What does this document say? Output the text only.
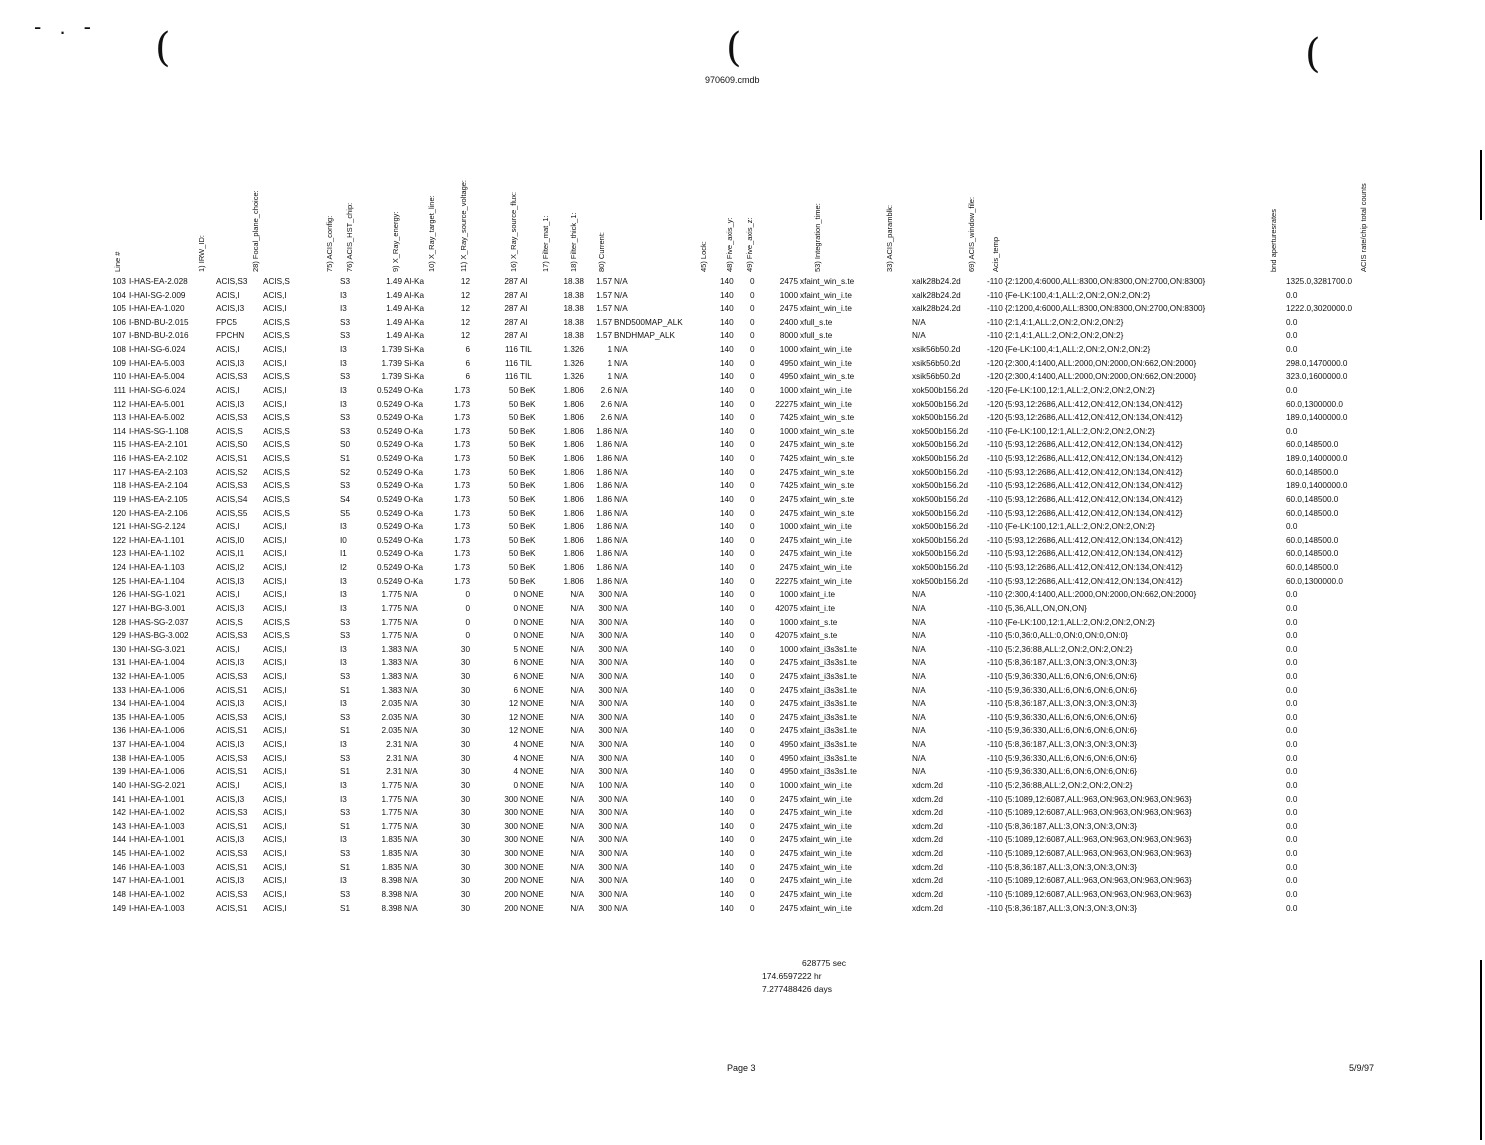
- . - (	(	(
970609.cmdb
Line #	1) IRW_ID:	28) Focal_plane_choice:	75) ACIS_config: 76) ACIS_HST_chip:	9) X_Ray_energy:	10) X_Ray_target_line:	11) X_Ray_source_voltage:	16) X_Ray_source_flux:	17) Filter_mat_1:	18) Filter_thick_1:	80) Current:	45) Lock: 48) Five_axis_y: 49) Five_axis_z:	53) Integration_time:	33) ACIS_paramblk:	69) ACIS_window_file: Acis_temp	bnd aperturesrates	ACIS rate/chip total counts
103 I-HAS-EA-2.028	ACIS,S3 ACIS,S	S3	1.49 Al-Ka	12	287 Al	18.38	1.57 N/A	140 0	2475 xfaint_win_s.te	xalk28b24.2d	-110 {2:1200,4:6000,ALL:8300,ON:8300,ON:2700,ON:8300}	1325.0,3281700.0
104 I-HAI-SG-2.009	ACIS,I	ACIS,I	I3	1.49 Al-Ka	12	287 Al	18.38	1.57 N/A	140 0	1000 xfaint_win_i.te	xalk28b24.2d	-110 {Fe-LK:100,4:1,ALL:2,ON:2,ON:2,ON:2}	0.0
105 I-HAI-EA-1.020	ACIS,I3 ACIS,I	I3	1.49 Al-Ka	12	287 Al	18.38	1.57 N/A	140 0	2475 xfaint_win_i.te	xalk28b24.2d	-110 {2:1200,4:6000,ALL:8300,ON:8300,ON:2700,ON:8300}	1222.0,3020000.0
106 I-BND-BU-2.015	FPC5	ACIS,S	S3	1.49 Al-Ka	12	287 Al	18.38	1.57 BND500MAP_ALK	140 0	2400 xfull_s.te	N/A	-110 {2:1,4:1,ALL:2,ON:2,ON:2,ON:2}	0.0
107 I-BND-BU-2.016	FPCHN ACIS,S	S3	1.49 Al-Ka	12	287 Al	18.38	1.57 BNDHMAP_ALK	140 0	8000 xfull_s.te	N/A	-110 {2:1,4:1,ALL:2,ON:2,ON:2,ON:2}	0.0
108 I-HAI-SG-6.024	ACIS,I	ACIS,I	I3	1.739 Si-Ka	6	116 TIL	1.326	1 N/A	140 0	1000 xfaint_win_i.te	xsik56b50.2d	-120 {Fe-LK:100,4:1,ALL:2,ON:2,ON:2,ON:2}	0.0
109 I-HAI-EA-5.003	ACIS,I3 ACIS,I	I3	1.739 Si-Ka	6	116 TIL	1.326	1 N/A	140 0	4950 xfaint_win_i.te	xsik56b50.2d	-120 {2:300,4:1400,ALL:2000,ON:2000,ON:662,ON:2000}	298.0,1470000.0
110 I-HAI-EA-5.004	ACIS,S3 ACIS,S	S3	1.739 Si-Ka	6	116 TIL	1.326	1 N/A	140 0	4950 xfaint_win_s.te	xsik56b50.2d	-120 {2:300,4:1400,ALL:2000,ON:2000,ON:662,ON:2000}	323.0,1600000.0
111 I-HAI-SG-6.024	ACIS,I	ACIS,I	I3	0.5249 O-Ka	1.73	50 BeK	1.806	2.6 N/A	140 0	1000 xfaint_win_i.te	xok500b156.2d -120 {Fe-LK:100,12:1,ALL:2,ON:2,ON:2,ON:2}	0.0
112 I-HAI-EA-5.001	ACIS,I3 ACIS,I	I3	0.5249 O-Ka	1.73	50 BeK	1.806	2.6 N/A	140 0	22275 xfaint_win_i.te	xok500b156.2d -120 {5:93,12:2686,ALL:412,ON:412,ON:134,ON:412}	60.0,1300000.0
113 I-HAI-EA-5.002	ACIS,S3 ACIS,S	S3	0.5249 O-Ka	1.73	50 BeK	1.806	2.6 N/A	140 0	7425 xfaint_win_s.te	xok500b156.2d -120 {5:93,12:2686,ALL:412,ON:412,ON:134,ON:412}	189.0,1400000.0
114 I-HAS-SG-1.108	ACIS,S ACIS,S	S3	0.5249 O-Ka	1.73	50 BeK	1.806	1.86 N/A	140 0	1000 xfaint_win_s.te	xok500b156.2d -110 {Fe-LK:100,12:1,ALL:2,ON:2,ON:2,ON:2}	0.0
115 I-HAS-EA-2.101	ACIS,S0 ACIS,S	S0	0.5249 O-Ka	1.73	50 BeK	1.806	1.86 N/A	140 0	2475 xfaint_win_s.te	xok500b156.2d -110 {5:93,12:2686,ALL:412,ON:412,ON:134,ON:412}	60.0,148500.0
116 I-HAS-EA-2.102	ACIS,S1 ACIS,S	S1	0.5249 O-Ka	1.73	50 BeK	1.806	1.86 N/A	140 0	7425 xfaint_win_s.te	xok500b156.2d -110 {5:93,12:2686,ALL:412,ON:412,ON:134,ON:412}	189.0,1400000.0
117 I-HAS-EA-2.103	ACIS,S2 ACIS,S	S2	0.5249 O-Ka	1.73	50 BeK	1.806	1.86 N/A	140 0	2475 xfaint_win_s.te	xok500b156.2d -110 {5:93,12:2686,ALL:412,ON:412,ON:134,ON:412}	60.0,148500.0
118 I-HAS-EA-2.104	ACIS,S3 ACIS,S	S3	0.5249 O-Ka	1.73	50 BeK	1.806	1.86 N/A	140 0	7425 xfaint_win_s.te	xok500b156.2d -110 {5:93,12:2686,ALL:412,ON:412,ON:134,ON:412}	189.0,1400000.0
119 I-HAS-EA-2.105	ACIS,S4 ACIS,S	S4	0.5249 O-Ka	1.73	50 BeK	1.806	1.86 N/A	140 0	2475 xfaint_win_s.te	xok500b156.2d -110 {5:93,12:2686,ALL:412,ON:412,ON:134,ON:412}	60.0,148500.0
120 I-HAS-EA-2.106	ACIS,S5 ACIS,S	S5	0.5249 O-Ka	1.73	50 BeK	1.806	1.86 N/A	140 0	2475 xfaint_win_s.te	xok500b156.2d -110 {5:93,12:2686,ALL:412,ON:412,ON:134,ON:412}	60.0,148500.0
121 I-HAI-SG-2.124	ACIS,I	ACIS,I	I3	0.5249 O-Ka	1.73	50 BeK	1.806	1.86 N/A	140 0	1000 xfaint_win_i.te	xok500b156.2d -110 {Fe-LK:100,12:1,ALL:2,ON:2,ON:2,ON:2}	0.0
122 I-HAI-EA-1.101	ACIS,I0 ACIS,I	I0	0.5249 O-Ka	1.73	50 BeK	1.806	1.86 N/A	140 0	2475 xfaint_win_i.te	xok500b156.2d -110 {5:93,12:2686,ALL:412,ON:412,ON:134,ON:412}	60.0,148500.0
123 I-HAI-EA-1.102	ACIS,I1 ACIS,I	I1	0.5249 O-Ka	1.73	50 BeK	1.806	1.86 N/A	140 0	2475 xfaint_win_i.te	xok500b156.2d -110 {5:93,12:2686,ALL:412,ON:412,ON:134,ON:412}	60.0,148500.0
124 I-HAI-EA-1.103	ACIS,I2 ACIS,I	I2	0.5249 O-Ka	1.73	50 BeK	1.806	1.86 N/A	140 0	2475 xfaint_win_i.te	xok500b156.2d -110 {5:93,12:2686,ALL:412,ON:412,ON:134,ON:412}	60.0,148500.0
125 I-HAI-EA-1.104	ACIS,I3 ACIS,I	I3	0.5249 O-Ka	1.73	50 BeK	1.806	1.86 N/A	140 0	22275 xfaint_win_i.te	xok500b156.2d -110 {5:93,12:2686,ALL:412,ON:412,ON:134,ON:412}	60.0,1300000.0
126 I-HAI-SG-1.021	ACIS,I	ACIS,I	I3	1.775 N/A	0	0 NONE	N/A	300 N/A	140 0	1000 xfaint_i.te	N/A	-110 {2:300,4:1400,ALL:2000,ON:2000,ON:662,ON:2000}	0.0
127 I-HAI-BG-3.001	ACIS,I3 ACIS,I	I3	1.775 N/A	0	0 NONE	N/A	300 N/A	140 0	42075 xfaint_i.te	N/A	-110 {5,36,ALL,ON,ON,ON}	0.0
128 I-HAS-SG-2.037	ACIS,S ACIS,S	S3	1.775 N/A	0	0 NONE	N/A	300 N/A	140 0	1000 xfaint_s.te	N/A	-110 {Fe-LK:100,12:1,ALL:2,ON:2,ON:2,ON:2}	0.0
129 I-HAS-BG-3.002	ACIS,S3 ACIS,S	S3	1.775 N/A	0	0 NONE	N/A	300 N/A	140 0	42075 xfaint_s.te	N/A	-110 {5:0,36:0,ALL:0,ON:0,ON:0,ON:0}	0.0
130 I-HAI-SG-3.021	ACIS,I	ACIS,I	I3	1.383 N/A	30	5 NONE	N/A	300 N/A	140 0	1000 xfaint_i3s3s1.te	N/A	-110 {5:2,36:88,ALL:2,ON:2,ON:2,ON:2}	0.0
131 I-HAI-EA-1.004	ACIS,I3 ACIS,I	I3	1.383 N/A	30	6 NONE	N/A	300 N/A	140 0	2475 xfaint_i3s3s1.te	N/A	-110 {5:8,36:187,ALL:3,ON:3,ON:3,ON:3}	0.0
132 I-HAI-EA-1.005	ACIS,S3 ACIS,I	S3	1.383 N/A	30	6 NONE	N/A	300 N/A	140 0	2475 xfaint_i3s3s1.te	N/A	-110 {5:9,36:330,ALL:6,ON:6,ON:6,ON:6}	0.0
133 I-HAI-EA-1.006	ACIS,S1 ACIS,I	S1	1.383 N/A	30	6 NONE	N/A	300 N/A	140 0	2475 xfaint_i3s3s1.te	N/A	-110 {5:9,36:330,ALL:6,ON:6,ON:6,ON:6}	0.0
134 I-HAI-EA-1.004	ACIS,I3 ACIS,I	I3	2.035 N/A	30	12 NONE	N/A	300 N/A	140 0	2475 xfaint_i3s3s1.te	N/A	-110 {5:8,36:187,ALL:3,ON:3,ON:3,ON:3}	0.0
135 I-HAI-EA-1.005	ACIS,S3 ACIS,I	S3	2.035 N/A	30	12 NONE	N/A	300 N/A	140 0	2475 xfaint_i3s3s1.te	N/A	-110 {5:9,36:330,ALL:6,ON:6,ON:6,ON:6}	0.0
136 I-HAI-EA-1.006	ACIS,S1 ACIS,I	S1	2.035 N/A	30	12 NONE	N/A	300 N/A	140 0	2475 xfaint_i3s3s1.te	N/A	-110 {5:9,36:330,ALL:6,ON:6,ON:6,ON:6}	0.0
137 I-HAI-EA-1.004	ACIS,I3 ACIS,I	I3	2.31 N/A	30	4 NONE	N/A	300 N/A	140 0	4950 xfaint_i3s3s1.te	N/A	-110 {5:8,36:187,ALL:3,ON:3,ON:3,ON:3}	0.0
138 I-HAI-EA-1.005	ACIS,S3 ACIS,I	S3	2.31 N/A	30	4 NONE	N/A	300 N/A	140 0	4950 xfaint_i3s3s1.te	N/A	-110 {5:9,36:330,ALL:6,ON:6,ON:6,ON:6}	0.0
139 I-HAI-EA-1.006	ACIS,S1 ACIS,I	S1	2.31 N/A	30	4 NONE	N/A	300 N/A	140 0	4950 xfaint_i3s3s1.te	N/A	-110 {5:9,36:330,ALL:6,ON:6,ON:6,ON:6}	0.0
140 I-HAI-SG-2.021	ACIS,I	ACIS,I	I3	1.775 N/A	30	0 NONE	N/A	100 N/A	140 0	1000 xfaint_win_i.te	xdcm.2d	-110 {5:2,36:88,ALL:2,ON:2,ON:2,ON:2}	0.0
141 I-HAI-EA-1.001	ACIS,I3 ACIS,I	I3	1.775 N/A	30	300 NONE	N/A	300 N/A	140 0	2475 xfaint_win_i.te	xdcm.2d	-110 {5:1089,12:6087,ALL:963,ON:963,ON:963,ON:963}	0.0
142 I-HAI-EA-1.002	ACIS,S3 ACIS,I	S3	1.775 N/A	30	300 NONE	N/A	300 N/A	140 0	2475 xfaint_win_i.te	xdcm.2d	-110 {5:1089,12:6087,ALL:963,ON:963,ON:963,ON:963}	0.0
143 I-HAI-EA-1.003	ACIS,S1 ACIS,I	S1	1.775 N/A	30	300 NONE	N/A	300 N/A	140 0	2475 xfaint_win_i.te	xdcm.2d	-110 {5:8,36:187,ALL:3,ON:3,ON:3,ON:3}	0.0
144 I-HAI-EA-1.001	ACIS,I3 ACIS,I	I3	1.835 N/A	30	300 NONE	N/A	300 N/A	140 0	2475 xfaint_win_i.te	xdcm.2d	-110 {5:1089,12:6087,ALL:963,ON:963,ON:963,ON:963}	0.0
145 I-HAI-EA-1.002	ACIS,S3 ACIS,I	S3	1.835 N/A	30	300 NONE	N/A	300 N/A	140 0	2475 xfaint_win_i.te	xdcm.2d	-110 {5:1089,12:6087,ALL:963,ON:963,ON:963,ON:963}	0.0
146 I-HAI-EA-1.003	ACIS,S1 ACIS,I	S1	1.835 N/A	30	300 NONE	N/A	300 N/A	140 0	2475 xfaint_win_i.te	xdcm.2d	-110 {5:8,36:187,ALL:3,ON:3,ON:3,ON:3}	0.0
147 I-HAI-EA-1.001	ACIS,I3 ACIS,I	I3	8.398 N/A	30	200 NONE	N/A	300 N/A	140 0	2475 xfaint_win_i.te	xdcm.2d	-110 {5:1089,12:6087,ALL:963,ON:963,ON:963,ON:963}	0.0
148 I-HAI-EA-1.002	ACIS,S3 ACIS,I	S3	8.398 N/A	30	200 NONE	N/A	300 N/A	140 0	2475 xfaint_win_i.te	xdcm.2d	-110 {5:1089,12:6087,ALL:963,ON:963,ON:963,ON:963}	0.0
149 I-HAI-EA-1.003	ACIS,S1 ACIS,I	S1	8.398 N/A	30	200 NONE	N/A	300 N/A	140 0	2475 xfaint_win_i.te	xdcm.2d	-110 {5:8,36:187,ALL:3,ON:3,ON:3,ON:3}	0.0
628775 sec
174.6597222 hr
7.277488426 days
Page 3	5/9/97
